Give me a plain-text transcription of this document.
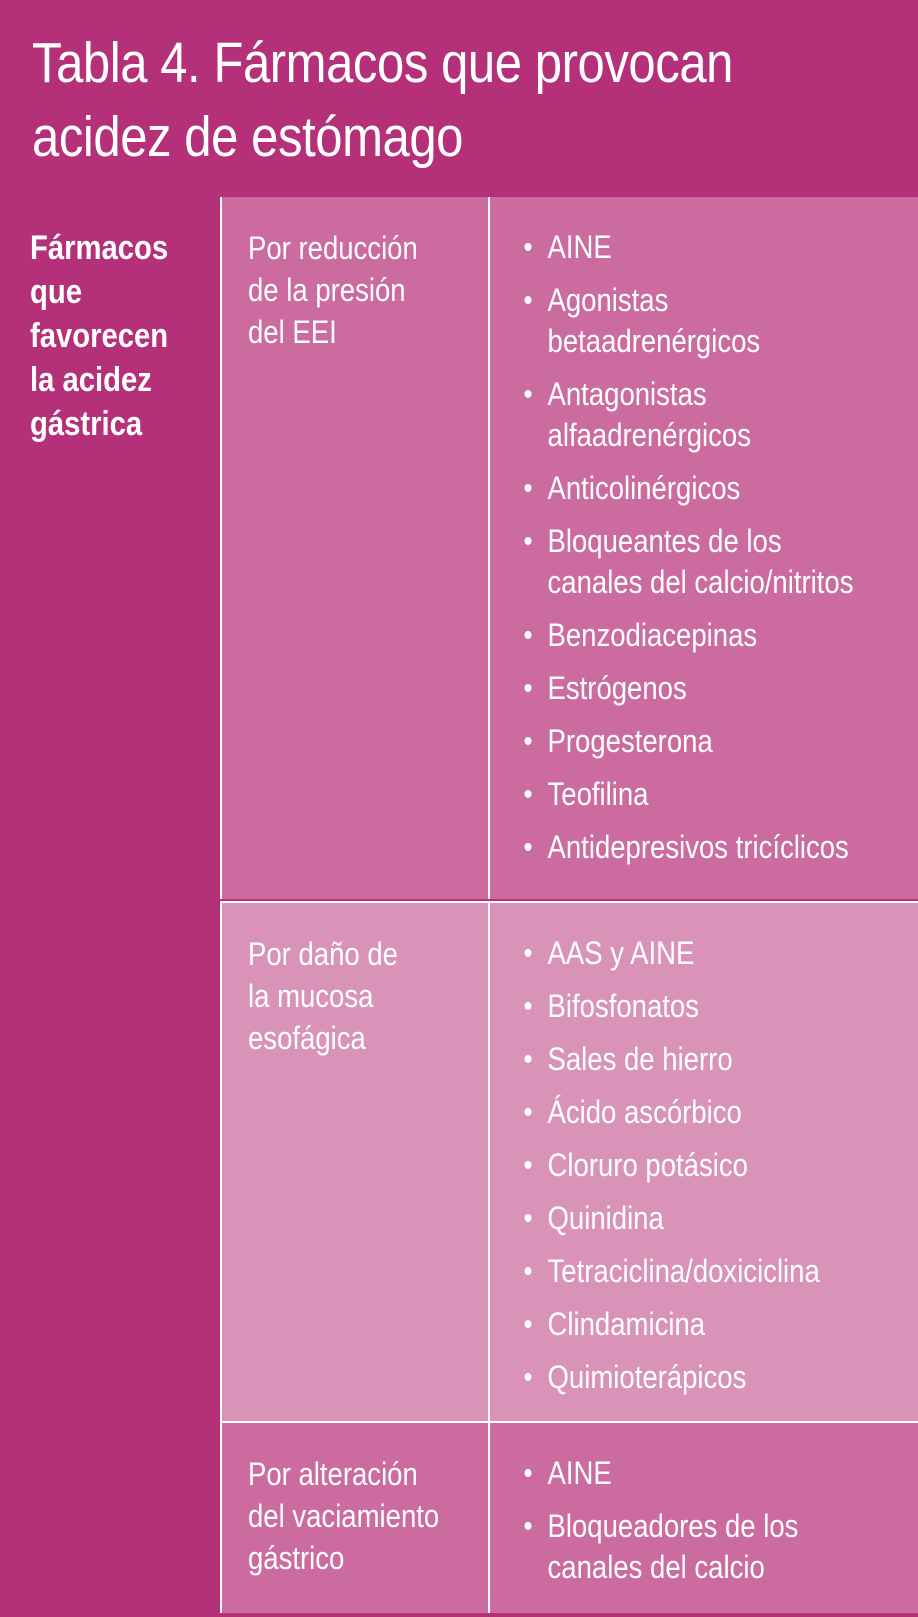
Tabla 4. Fármacos que provocan
acidez de estómago
Fármacos
que
favorecen
la acidez
gástrica
Por reducción
de la presión
del EEI
• AINE
• Agonistas
betaadrenérgicos
• Antagonistas
alfaadrenérgicos
• Anticolinérgicos
• Bloqueantes de los
canales del calcio/nitritos
• Benzodiacepinas
• Estrógenos
• Progesterona
• Teofilina
• Antidepresivos tricíclicos
Por daño de
la mucosa
esofágica
• AAS y AINE
• Bifosfonatos
• Sales de hierro
• Ácido ascórbico
• Cloruro potásico
• Quinidina
• Tetraciclina/doxiciclina
• Clindamicina
• Quimioterápicos
Por alteración
del vaciamiento
gástrico
• AINE
• Bloqueadores de los
canales del calcio
